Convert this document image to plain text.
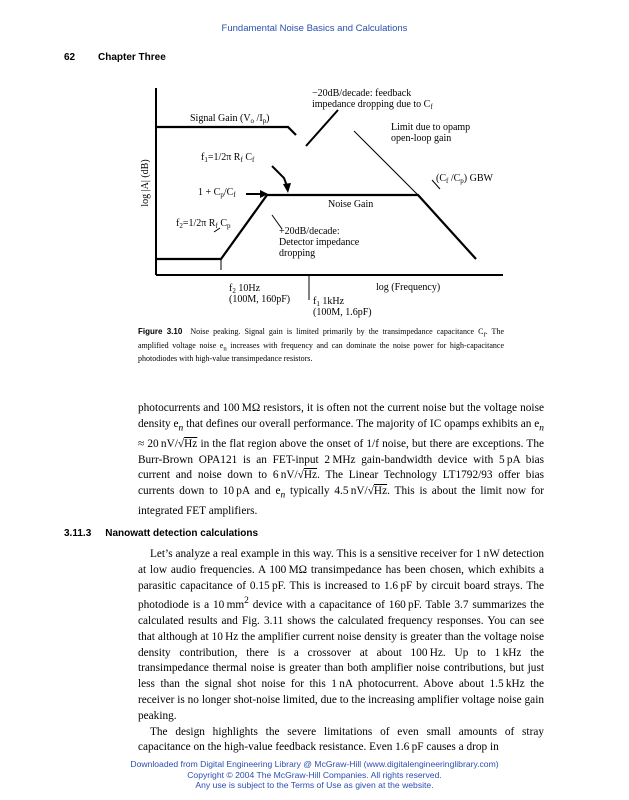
Fundamental Noise Basics and Calculations
62 Chapter Three
log |A| (dB)
log (Frequency)
−20dB/decade: feedback
impedance dropping due to $C_f$
Signal Gain ($V_o$ $/I_p$)
Limit due to opamp
open-loop gain
$f_1=1/2\pi$ $R_f$ $C_f$
($C_f$ $/C_p$) GBW
$1 + C_p/C_f$
Noise Gain
$f_2=1/2\pi$ $R_f$ $C_p$	+20dB/decade:
Detector impedance
dropping
$f_2$ 10Hz
(100M, 160pF) $f_1$ 1kHz
(100M, 1.6pF)
Figure 3.10 Noise peaking. Signal gain is limited primarily by the transimpedance capacitance $C_f$. The amplified voltage noise $e_n$ increases with frequency and can dominate the noise power for high-capacitance photodiodes with high-value transimpedance resistors.

photocurrents and 100 MΩ resistors, it is often not the current noise but the voltage noise density $e_n$ that defines our overall performance. The majority of IC opamps exhibits an $e_n \approx 20$ nV/√Hz in the flat region above the onset of 1/f noise, but there are exceptions. The Burr-Brown OPA121 is an FET-input 2 MHz gain-bandwidth device with 5 pA bias current and noise down to 6 nV/√Hz. The Linear Technology LT1792/93 offer bias currents down to 10 pA and $e_n$ typically 4.5 nV/√Hz. This is about the limit now for integrated FET amplifiers.

3.11.3 Nanowatt detection calculations

Let’s analyze a real example in this way. This is a sensitive receiver for 1 nW detection at low audio frequencies. A 100 MΩ transimpedance has been chosen, which exhibits a parasitic capacitance of 0.15 pF. This is increased to 1.6 pF by circuit board strays. The photodiode is a 10 $mm^2$ device with a capacitance of 160 pF. Table 3.7 summarizes the calculated results and Fig. 3.11 shows the calculated frequency responses. You can see that although at 10 Hz the amplifier current noise density is greater than the voltage noise density contribution, there is a crossover at about 100 Hz. Up to 1 kHz the transimpedance thermal noise is greater than both amplifier noise contributions, but just less than the signal shot noise for this 1 nA photocurrent. Above about 1.5 kHz the receiver is no longer shot-noise limited, due to the increasing amplifier voltage noise gain peaking.

The design highlights the severe limitations of even small amounts of stray capacitance on the high-value feedback resistance. Even 1.6 pF causes a drop in

Downloaded from Digital Engineering Library @ McGraw-Hill (www.digitalengineeringlibrary.com)
Copyright © 2004 The McGraw-Hill Companies. All rights reserved.
Any use is subject to the Terms of Use as given at the website.
